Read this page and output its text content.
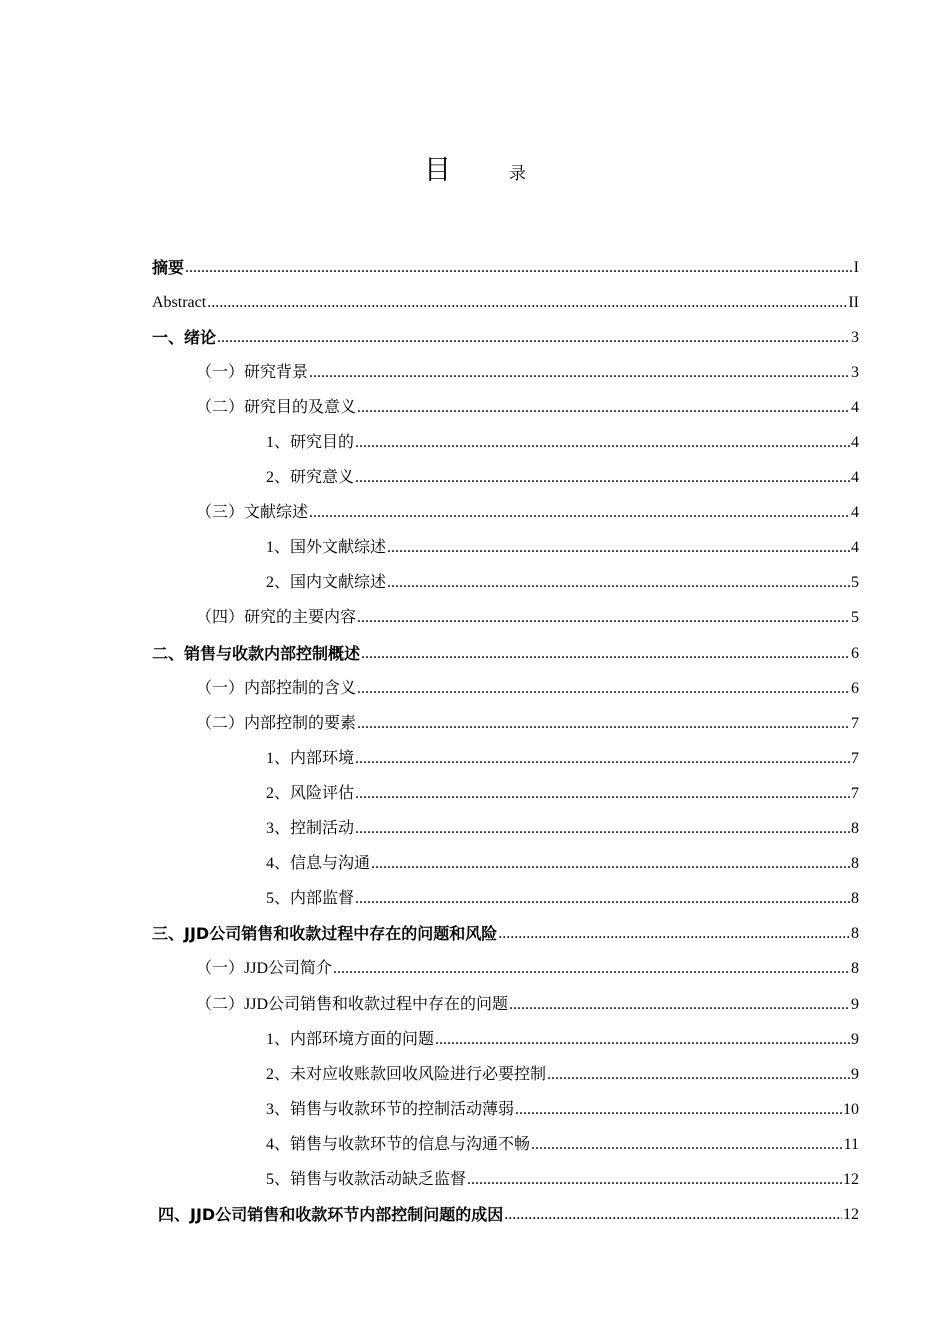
目	录
摘要 .....	I
Abstract .....	II
一、绪论 .....	3
（一）研究背景 .....	3
（二）研究目的及意义 .....	4
1、研究目的 .....	4
2、研究意义 .....	4
（三）文献综述 .....	4
1、国外文献综述 .....	4
2、国内文献综述 .....	5
（四）研究的主要内容 .....	5
二、销售与收款内部控制概述 .....	6
（一）内部控制的含义 .....	6
（二）内部控制的要素 .....	7
1、内部环境 .....	7
2、风险评估 .....	7
3、控制活动 .....	8
4、信息与沟通 .....	8
5、内部监督 .....	8
三、JJD公司销售和收款过程中存在的问题和风险 .....	8
（一）JJD公司简介 .....	8
（二）JJD公司销售和收款过程中存在的问题 .....	9
1、内部环境方面的问题 .....	9
2、未对应收账款回收风险进行必要控制 .....	9
3、销售与收款环节的控制活动薄弱 .....	10
4、销售与收款环节的信息与沟通不畅 .....	11
5、销售与收款活动缺乏监督 .....	12
四、JJD公司销售和收款环节内部控制问题的成因 .....	12
